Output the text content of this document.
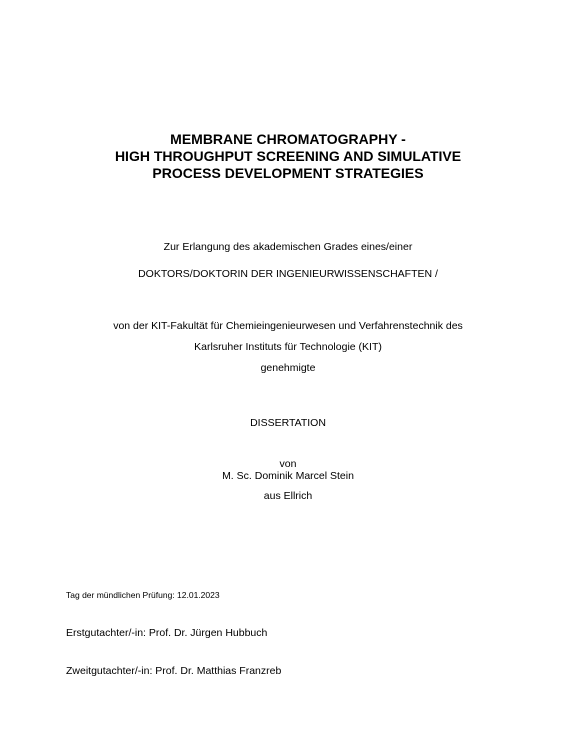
MEMBRANE CHROMATOGRAPHY -
HIGH THROUGHPUT SCREENING AND SIMULATIVE
PROCESS DEVELOPMENT STRATEGIES
Zur Erlangung des akademischen Grades eines/einer
DOKTORS/DOKTORIN DER INGENIEURWISSENSCHAFTEN /
von der KIT-Fakultät für Chemieingenieurwesen und Verfahrenstechnik des
Karlsruher Instituts für Technologie (KIT)
genehmigte
DISSERTATION
von
M. Sc. Dominik Marcel Stein
aus Ellrich
Tag der mündlichen Prüfung: 12.01.2023
Erstgutachter/-in: Prof. Dr. Jürgen Hubbuch
Zweitgutachter/-in: Prof. Dr. Matthias Franzreb
